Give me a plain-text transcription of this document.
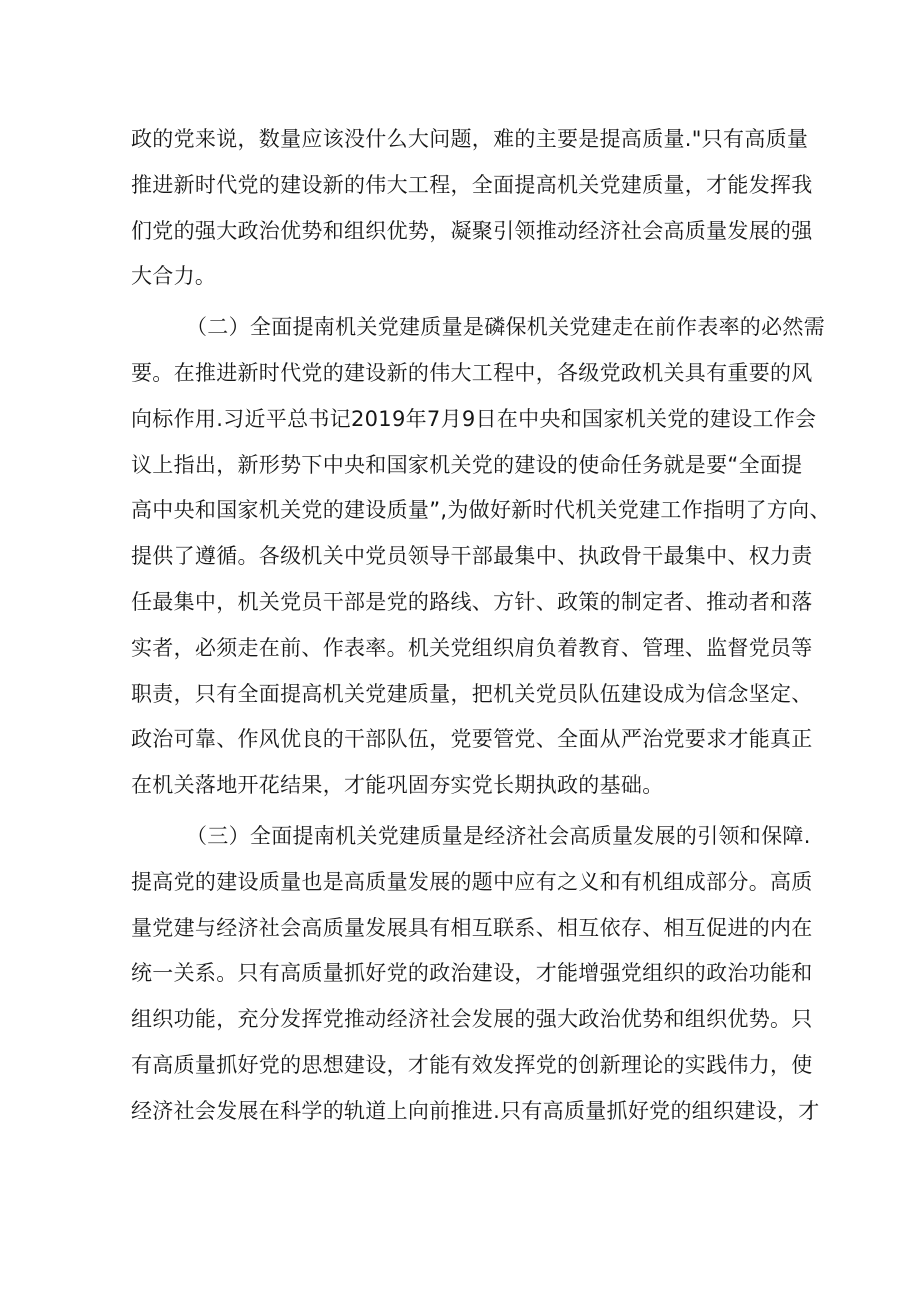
政的党来说，数量应该没什么大问题，难的主要是提高质量."只有高质量
推进新时代党的建设新的伟大工程，全面提高机关党建质量，才能发挥我
们党的强大政治优势和组织优势，凝聚引领推动经济社会高质量发展的强
大合力。
（二）全面提南机关党建质量是磷保机关党建走在前作表率的必然需
要。在推进新时代党的建设新的伟大工程中，各级党政机关具有重要的风
向标作用.习近平总书记2019年7月9日在中央和国家机关党的建设工作会
议上指出，新形势下中央和国家机关党的建设的使命任务就是要“全面提
高中央和国家机关党的建设质量”,为做好新时代机关党建工作指明了方向、
提供了遵循。各级机关中党员领导干部最集中、执政骨干最集中、权力责
任最集中，机关党员干部是党的路线、方针、政策的制定者、推动者和落
实者，必须走在前、作表率。机关党组织肩负着教育、管理、监督党员等
职责，只有全面提高机关党建质量，把机关党员队伍建设成为信念坚定、
政治可靠、作风优良的干部队伍，党要管党、全面从严治党要求才能真正
在机关落地开花结果，才能巩固夯实党长期执政的基础。
（三）全面提南机关党建质量是经济社会高质量发展的引领和保障.
提高党的建设质量也是高质量发展的题中应有之义和有机组成部分。高质
量党建与经济社会高质量发展具有相互联系、相互依存、相互促进的内在
统一关系。只有高质量抓好党的政治建设，才能增强党组织的政治功能和
组织功能，充分发挥党推动经济社会发展的强大政治优势和组织优势。只
有高质量抓好党的思想建设，才能有效发挥党的创新理论的实践伟力，使
经济社会发展在科学的轨道上向前推进.只有高质量抓好党的组织建设，才
